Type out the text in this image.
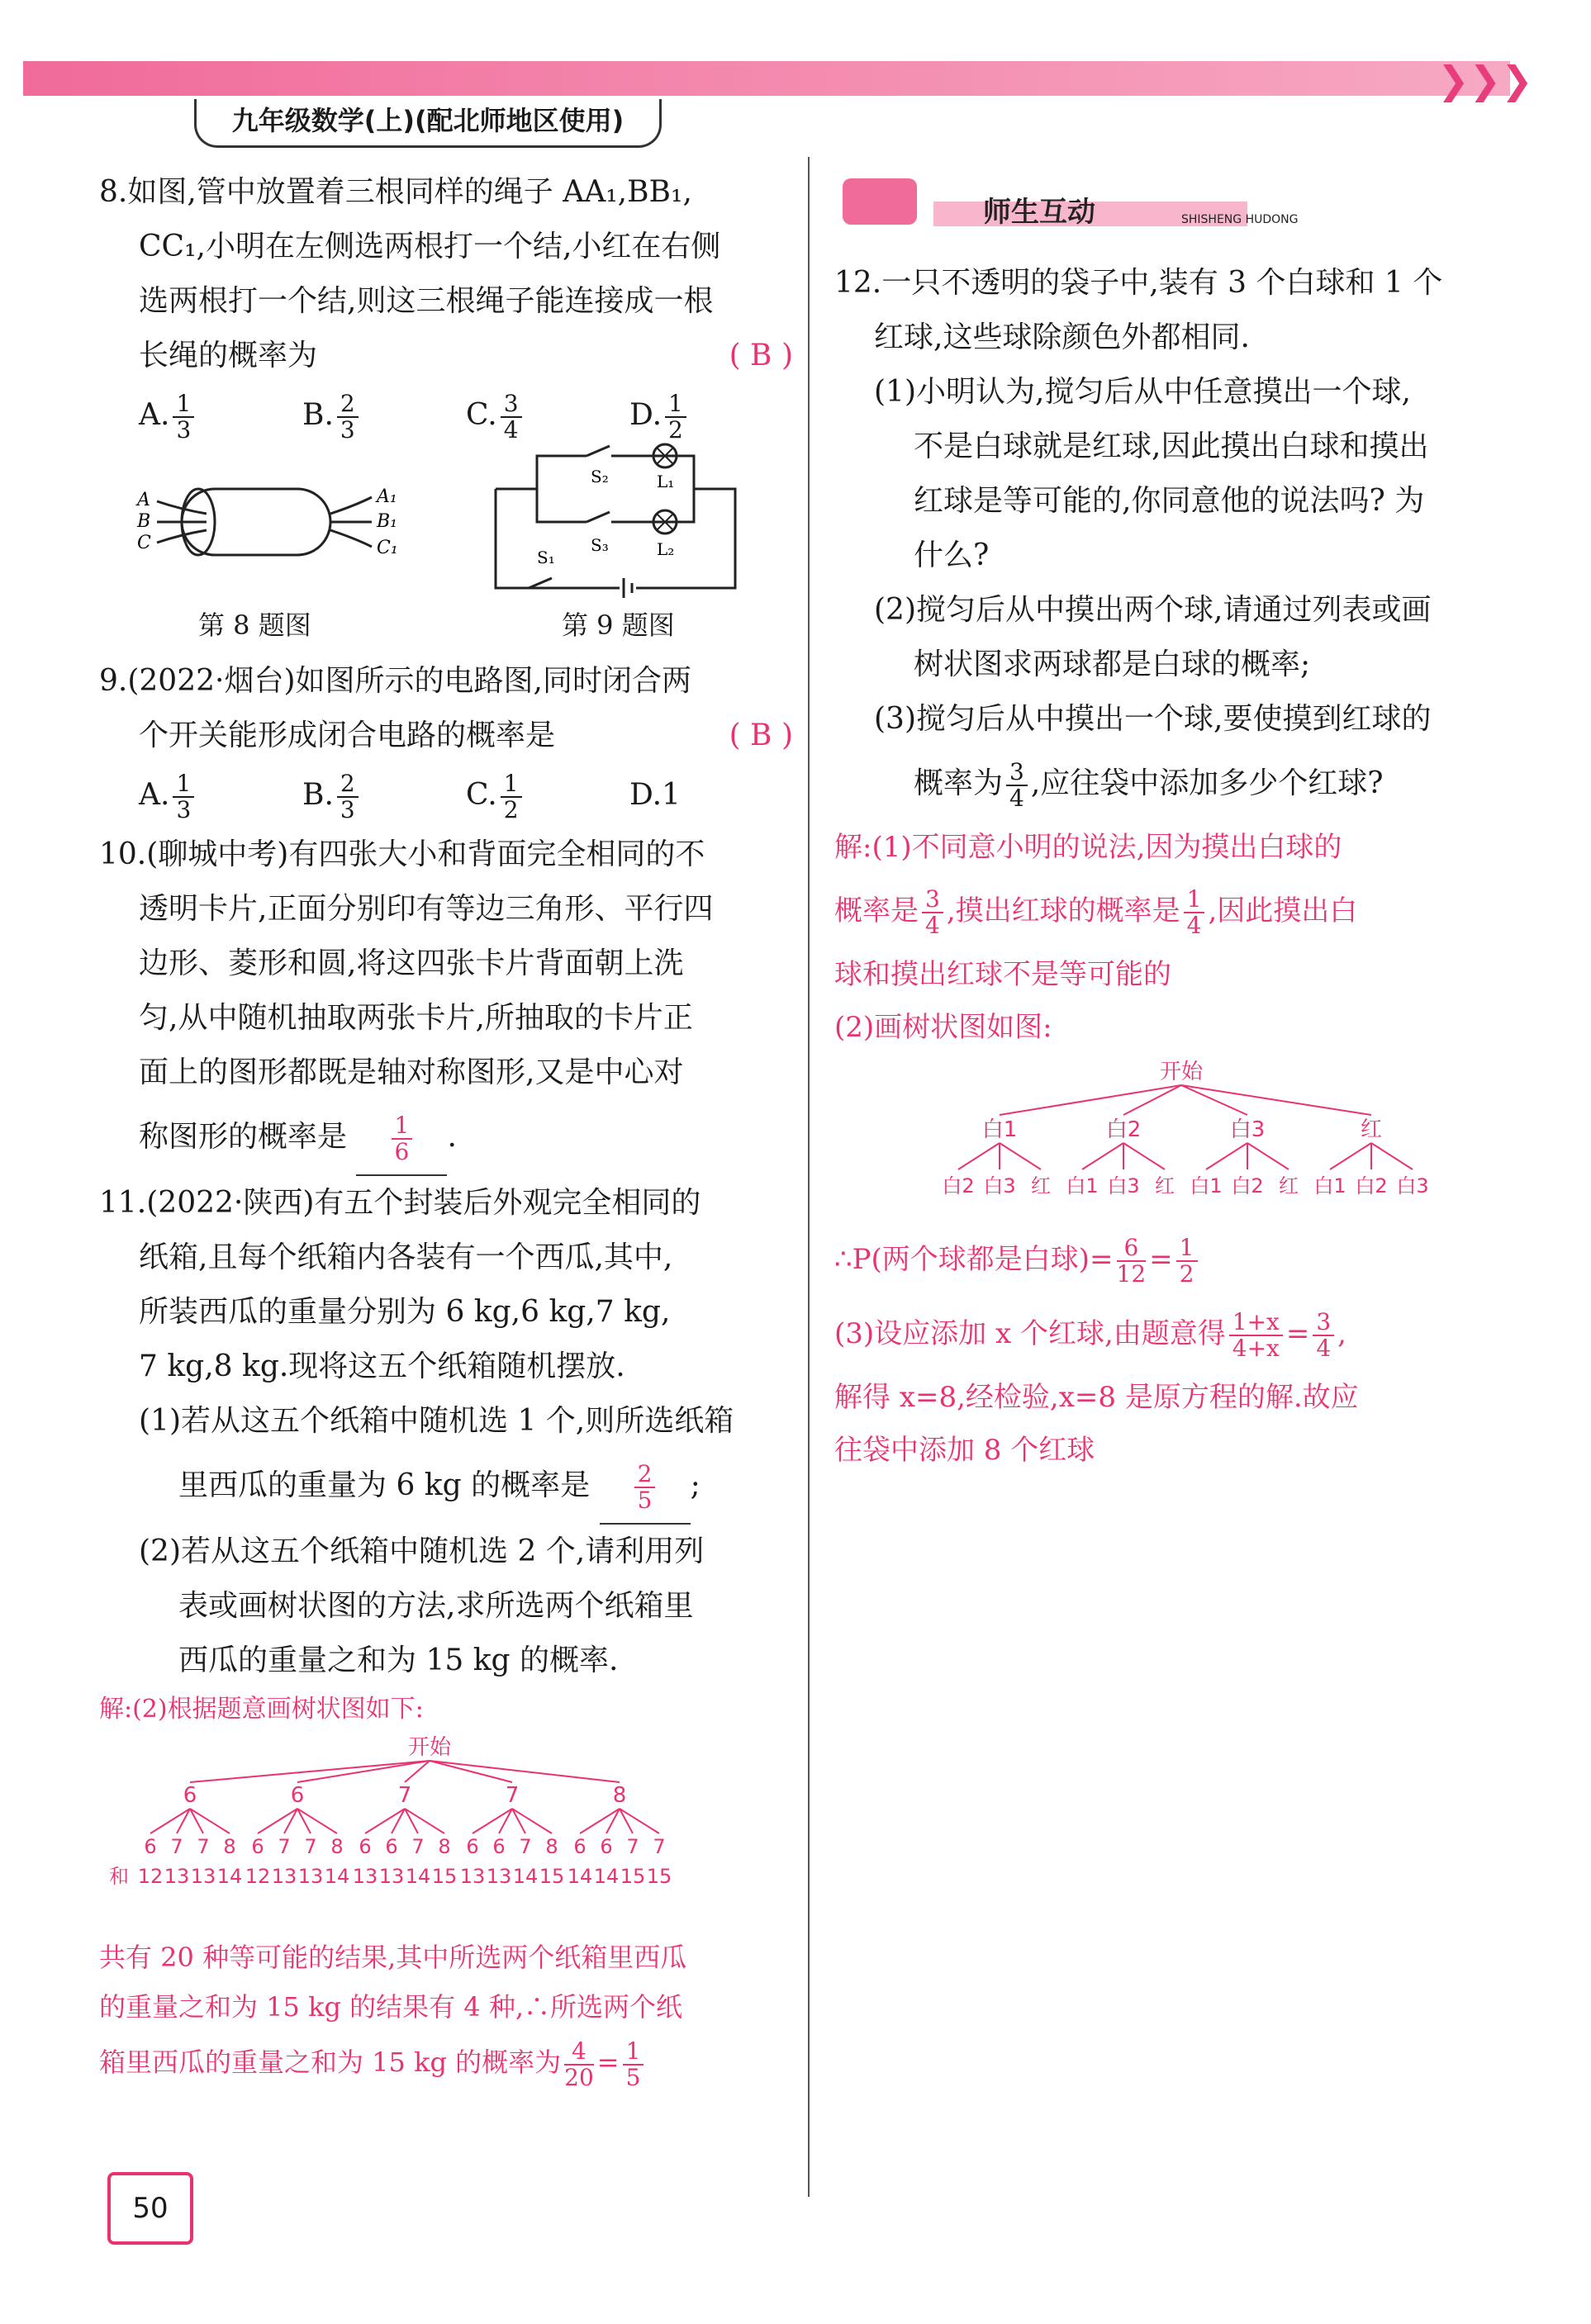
❯❯❯
九年级数学(上)(配北师地区使用)

8.如图,管中放置着三根同样的绳子 AA₁,BB₁,

CC₁,小明在左侧选两根打一个结,小红在右侧

选两根打一个结,则这三根绳子能连接成一根

长绳的概率为	( B )

A. $\frac{1}{3}$	B. $\frac{2}{3}$	C. $\frac{3}{4}$	D. $\frac{1}{2}$
A
B
C
A₁
B₁
C₁
第 8 题图
S₂	L₁
S₁
S₃	L₂
第 9 题图

9.(2022·烟台)如图所示的电路图,同时闭合两

个开关能形成闭合电路的概率是	( B )

A. $\frac{1}{3}$	B. $\frac{2}{3}$	C. $\frac{1}{2}$	D.1

10.(聊城中考)有四张大小和背面完全相同的不

透明卡片,正面分别印有等边三角形、平行四

边形、菱形和圆,将这四张卡片背面朝上洗

匀,从中随机抽取两张卡片,所抽取的卡片正

面上的图形都既是轴对称图形,又是中心对

称图形的概率是 $\frac{1}{6}$ .

11.(2022·陕西)有五个封装后外观完全相同的

纸箱,且每个纸箱内各装有一个西瓜,其中,

所装西瓜的重量分别为 6 kg,6 kg,7 kg,

7 kg,8 kg.现将这五个纸箱随机摆放.

(1)若从这五个纸箱中随机选 1 个,则所选纸箱

里西瓜的重量为 6 kg 的概率是 $\frac{2}{5}$ ;

(2)若从这五个纸箱中随机选 2 个,请利用列

表或画树状图的方法,求所选两个纸箱里

西瓜的重量之和为 15 kg 的概率.

解:(2)根据题意画树状图如下:

开始
6
6
12
7
13
7
13
8
14
6
6
12
7
13
7
13
8
14
7
6
13
6
13
7
14
8
15
7
6
13
6
13
7
14
8
15
8
6
14
6
14
7
15
7
15
和

共有 20 种等可能的结果,其中所选两个纸箱里西瓜

的重量之和为 15 kg 的结果有 4 种,∴所选两个纸

箱里西瓜的重量之和为 15 kg 的概率为 $\frac{4}{20} = \frac{1}{5}$

师生互动	SHISHENG HUDONG

12.一只不透明的袋子中,装有 3 个白球和 1 个

红球,这些球除颜色外都相同.

(1)小明认为,搅匀后从中任意摸出一个球,

不是白球就是红球,因此摸出白球和摸出

红球是等可能的,你同意他的说法吗? 为

什么?

(2)搅匀后从中摸出两个球,请通过列表或画

树状图求两球都是白球的概率;

(3)搅匀后从中摸出一个球,要使摸到红球的

概率为 $\frac{3}{4}$ ,应往袋中添加多少个红球?

解:(1)不同意小明的说法,因为摸出白球的

概率是 $\frac{3}{4}$ ,摸出红球的概率是 $\frac{1}{4}$ ,因此摸出白

球和摸出红球不是等可能的

(2)画树状图如图:

开始
白1
白2 白3 红
白2
白1 白3 红
白3
白1 白2 红
红
白1 白2 白3

∴P(两个球都是白球)= $\frac{6}{12} = \frac{1}{2}$

(3)设应添加 x 个红球,由题意得 $\frac{1+x}{4+x} = \frac{3}{4}$ ,

解得 x=8,经检验,x=8 是原方程的解.故应

往袋中添加 8 个红球

50
